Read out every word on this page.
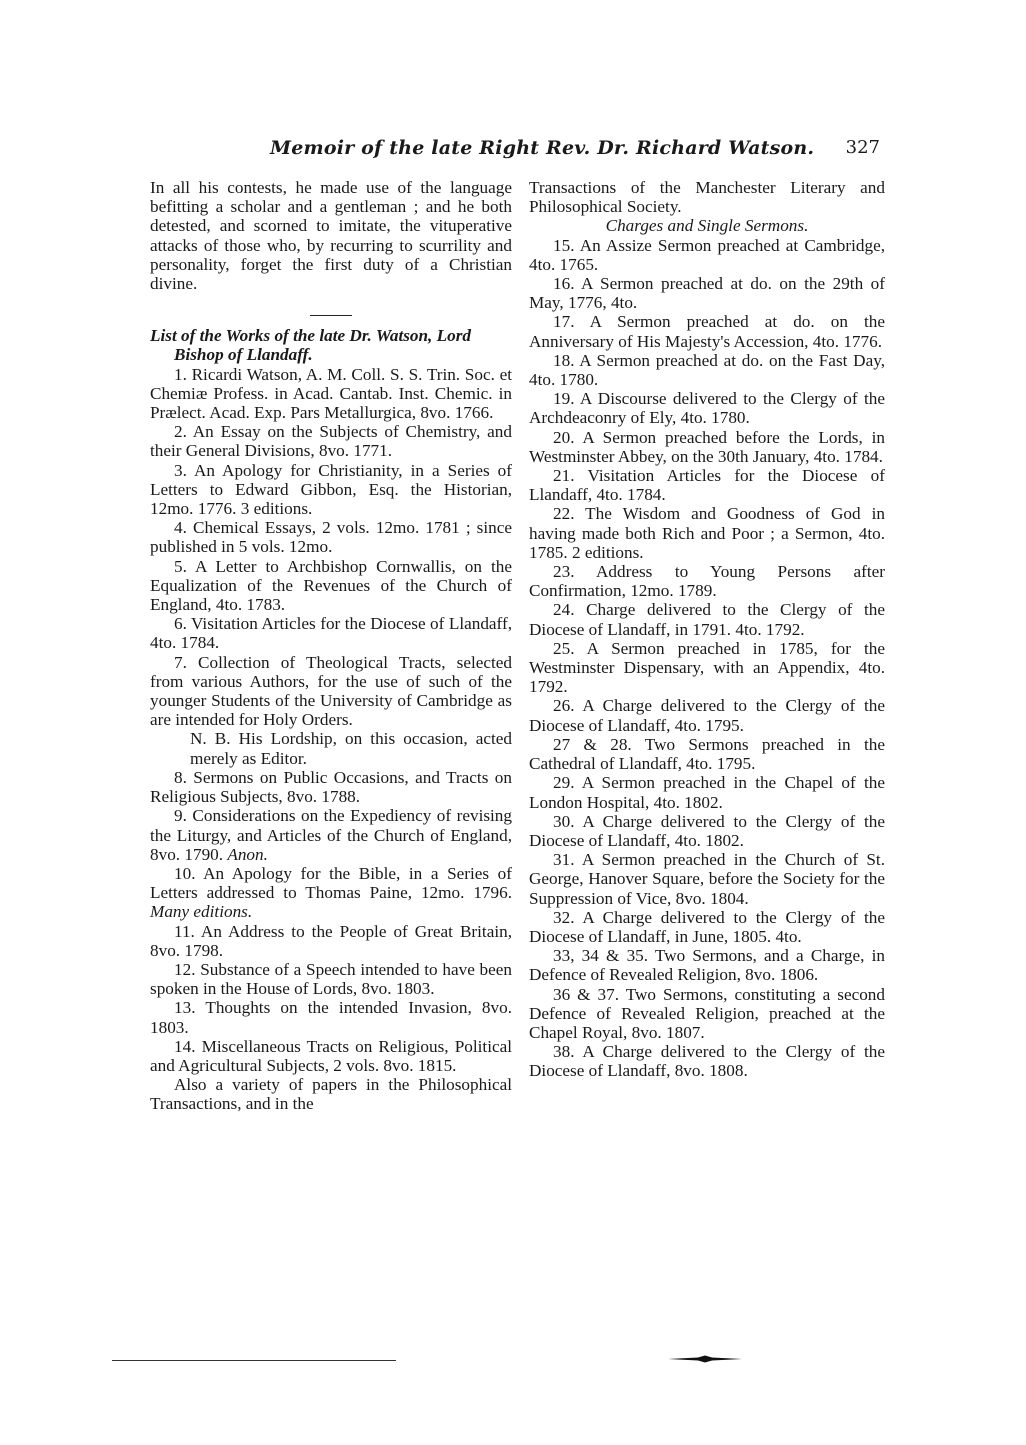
Memoir of the late Right Rev. Dr. Richard Watson. 327

In all his contests, he made use of the language befitting a scholar and a gentleman ; and he both detested, and scorned to imitate, the vituperative attacks of those who, by recurring to scurrility and personality, forget the first duty of a Christian divine.

List of the Works of the late Dr. Watson, Lord Bishop of Llandaff.

1. Ricardi Watson, A. M. Coll. S. S. Trin. Soc. et Chemiæ Profess. in Acad. Cantab. Inst. Chemic. in Prælect. Acad. Exp. Pars Metallurgica, 8vo. 1766.

2. An Essay on the Subjects of Chemistry, and their General Divisions, 8vo. 1771.

3. An Apology for Christianity, in a Series of Letters to Edward Gibbon, Esq. the Historian, 12mo. 1776. 3 editions.

4. Chemical Essays, 2 vols. 12mo. 1781 ; since published in 5 vols. 12mo.

5. A Letter to Archbishop Cornwallis, on the Equalization of the Revenues of the Church of England, 4to. 1783.

6. Visitation Articles for the Diocese of Llandaff, 4to. 1784.

7. Collection of Theological Tracts, selected from various Authors, for the use of such of the younger Students of the University of Cambridge as are intended for Holy Orders.

N. B. His Lordship, on this occasion, acted merely as Editor.

8. Sermons on Public Occasions, and Tracts on Religious Subjects, 8vo. 1788.

9. Considerations on the Expediency of revising the Liturgy, and Articles of the Church of England, 8vo. 1790. Anon.

10. An Apology for the Bible, in a Series of Letters addressed to Thomas Paine, 12mo. 1796. Many editions.

11. An Address to the People of Great Britain, 8vo. 1798.

12. Substance of a Speech intended to have been spoken in the House of Lords, 8vo. 1803.

13. Thoughts on the intended Invasion, 8vo. 1803.

14. Miscellaneous Tracts on Religious, Political and Agricultural Subjects, 2 vols. 8vo. 1815.

Also a variety of papers in the Philosophical Transactions, and in the

Transactions of the Manchester Literary and Philosophical Society.

Charges and Single Sermons.

15. An Assize Sermon preached at Cambridge, 4to. 1765.

16. A Sermon preached at do. on the 29th of May, 1776, 4to.

17. A Sermon preached at do. on the Anniversary of His Majesty's Accession, 4to. 1776.

18. A Sermon preached at do. on the Fast Day, 4to. 1780.

19. A Discourse delivered to the Clergy of the Archdeaconry of Ely, 4to. 1780.

20. A Sermon preached before the Lords, in Westminster Abbey, on the 30th January, 4to. 1784.

21. Visitation Articles for the Diocese of Llandaff, 4to. 1784.

22. The Wisdom and Goodness of God in having made both Rich and Poor ; a Sermon, 4to. 1785. 2 editions.

23. Address to Young Persons after Confirmation, 12mo. 1789.

24. Charge delivered to the Clergy of the Diocese of Llandaff, in 1791. 4to. 1792.

25. A Sermon preached in 1785, for the Westminster Dispensary, with an Appendix, 4to. 1792.

26. A Charge delivered to the Clergy of the Diocese of Llandaff, 4to. 1795.

27 & 28. Two Sermons preached in the Cathedral of Llandaff, 4to. 1795.

29. A Sermon preached in the Chapel of the London Hospital, 4to. 1802.

30. A Charge delivered to the Clergy of the Diocese of Llandaff, 4to. 1802.

31. A Sermon preached in the Church of St. George, Hanover Square, before the Society for the Suppression of Vice, 8vo. 1804.

32. A Charge delivered to the Clergy of the Diocese of Llandaff, in June, 1805. 4to.

33, 34 & 35. Two Sermons, and a Charge, in Defence of Revealed Religion, 8vo. 1806.

36 & 37. Two Sermons, constituting a second Defence of Revealed Religion, preached at the Chapel Royal, 8vo. 1807.

38. A Charge delivered to the Clergy of the Diocese of Llandaff, 8vo. 1808.
